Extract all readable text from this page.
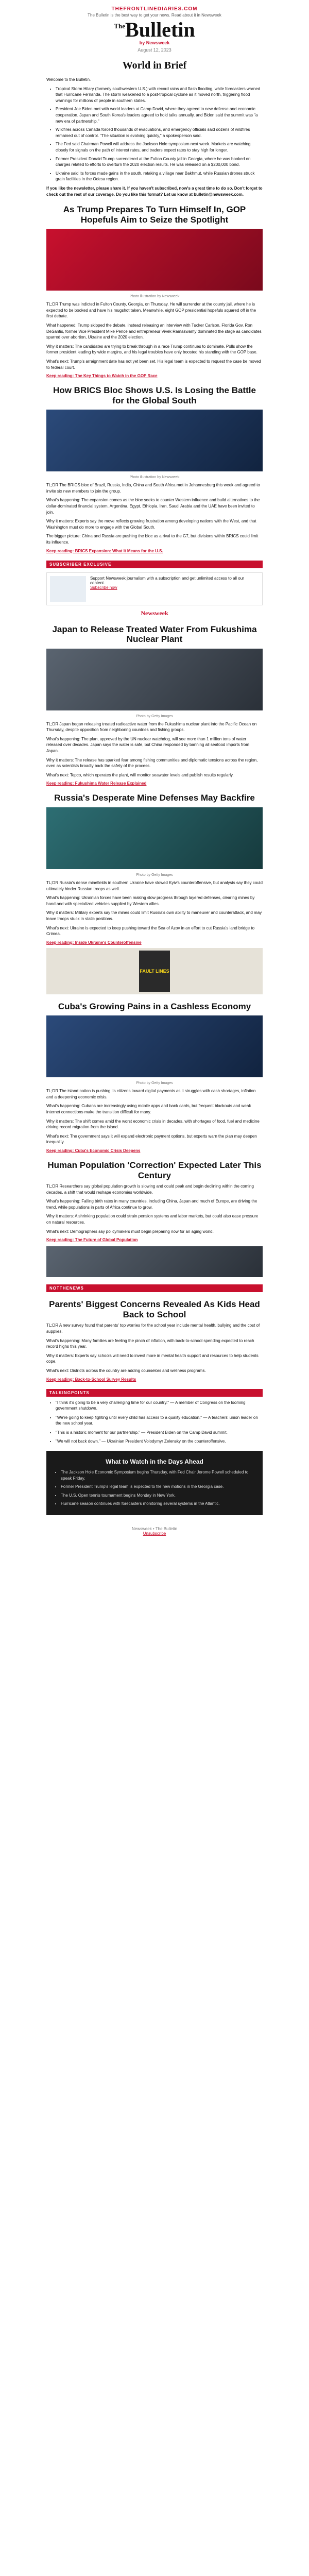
THEFRONTLINEDIARIES.COM
The Bulletin is the best way to get your news. Read about it in Newsweek
TheBulletin
by Newsweek
August 12, 2023
World in Brief

Welcome to the Bulletin.

• Tropical Storm Hilary (formerly southwestern U.S.) with record rains and flash flooding, while forecasters warned that Hurricane Fernanda. The storm weakened to a post-tropical cyclone as it moved north, triggering flood warnings for millions of people in southern states.
• President Joe Biden met with world leaders at Camp David, where they agreed to new defense and economic cooperation. Japan and South Korea's leaders agreed to hold talks annually, and Biden said the summit was "a new era of partnership."
• Wildfires across Canada forced thousands of evacuations, and emergency officials said dozens of wildfires remained out of control. "The situation is evolving quickly," a spokesperson said.
• The Fed said Chairman Powell will address the Jackson Hole symposium next week. Markets are watching closely for signals on the path of interest rates, and traders expect rates to stay high for longer.
• Former President Donald Trump surrendered at the Fulton County jail in Georgia, where he was booked on charges related to efforts to overturn the 2020 election results. He was released on a $200,000 bond.
• Ukraine said its forces made gains in the south, retaking a village near Bakhmut, while Russian drones struck grain facilities in the Odesa region.

If you like the newsletter, please share it. If you haven't subscribed, now's a great time to do so. Don't forget to check out the rest of our coverage. Do you like this format? Let us know at bulletin@newsweek.com.

As Trump Prepares To Turn Himself In, GOP Hopefuls Aim to Seize the Spotlight
Photo illustration by Newsweek

TL;DR Trump was indicted in Fulton County, Georgia, on Thursday. He will surrender at the county jail, where he is expected to be booked and have his mugshot taken. Meanwhile, eight GOP presidential hopefuls squared off in the first debate.

What happened: Trump skipped the debate, instead releasing an interview with Tucker Carlson. Florida Gov. Ron DeSantis, former Vice President Mike Pence and entrepreneur Vivek Ramaswamy dominated the stage as candidates sparred over abortion, Ukraine and the 2020 election.

Why it matters: The candidates are trying to break through in a race Trump continues to dominate. Polls show the former president leading by wide margins, and his legal troubles have only boosted his standing with the GOP base.

What's next: Trump's arraignment date has not yet been set. His legal team is expected to request the case be moved to federal court.

Keep reading: The Key Things to Watch in the GOP Race
How BRICS Bloc Shows U.S. Is Losing the Battle for the Global South
Photo illustration by Newsweek

TL;DR The BRICS bloc of Brazil, Russia, India, China and South Africa met in Johannesburg this week and agreed to invite six new members to join the group.

What's happening: The expansion comes as the bloc seeks to counter Western influence and build alternatives to the dollar-dominated financial system. Argentina, Egypt, Ethiopia, Iran, Saudi Arabia and the UAE have been invited to join.

Why it matters: Experts say the move reflects growing frustration among developing nations with the West, and that Washington must do more to engage with the Global South.

The bigger picture: China and Russia are pushing the bloc as a rival to the G7, but divisions within BRICS could limit its influence.

Keep reading: BRICS Expansion: What It Means for the U.S.
SUBSCRIBER EXCLUSIVE
Support Newsweek journalism with a subscription and get unlimited access to all our content.
Subscribe now
Newsweek
Japan to Release Treated Water From Fukushima Nuclear Plant
Photo by Getty Images

TL;DR Japan began releasing treated radioactive water from the Fukushima nuclear plant into the Pacific Ocean on Thursday, despite opposition from neighboring countries and fishing groups.

What's happening: The plan, approved by the UN nuclear watchdog, will see more than 1 million tons of water released over decades. Japan says the water is safe, but China responded by banning all seafood imports from Japan.

Why it matters: The release has sparked fear among fishing communities and diplomatic tensions across the region, even as scientists broadly back the safety of the process.

What's next: Tepco, which operates the plant, will monitor seawater levels and publish results regularly.

Keep reading: Fukushima Water Release Explained
Russia's Desperate Mine Defenses May Backfire
Photo by Getty Images

TL;DR Russia's dense minefields in southern Ukraine have slowed Kyiv's counteroffensive, but analysts say they could ultimately hinder Russian troops as well.

What's happening: Ukrainian forces have been making slow progress through layered defenses, clearing mines by hand and with specialized vehicles supplied by Western allies.

Why it matters: Military experts say the mines could limit Russia's own ability to maneuver and counterattack, and may leave troops stuck in static positions.

What's next: Ukraine is expected to keep pushing toward the Sea of Azov in an effort to cut Russia's land bridge to Crimea.

Keep reading: Inside Ukraine's Counteroffensive
FAULT LINES
Cuba's Growing Pains in a Cashless Economy
Photo by Getty Images

TL;DR The island nation is pushing its citizens toward digital payments as it struggles with cash shortages, inflation and a deepening economic crisis.

What's happening: Cubans are increasingly using mobile apps and bank cards, but frequent blackouts and weak internet connections make the transition difficult for many.

Why it matters: The shift comes amid the worst economic crisis in decades, with shortages of food, fuel and medicine driving record migration from the island.

What's next: The government says it will expand electronic payment options, but experts warn the plan may deepen inequality.

Keep reading: Cuba's Economic Crisis Deepens
Human Population 'Correction' Expected Later This Century

TL;DR Researchers say global population growth is slowing and could peak and begin declining within the coming decades, a shift that would reshape economies worldwide.

What's happening: Falling birth rates in many countries, including China, Japan and much of Europe, are driving the trend, while populations in parts of Africa continue to grow.

Why it matters: A shrinking population could strain pension systems and labor markets, but could also ease pressure on natural resources.

What's next: Demographers say policymakers must begin preparing now for an aging world.

Keep reading: The Future of Global Population
NOTTHENEWS
Parents' Biggest Concerns Revealed As Kids Head Back to School

TL;DR A new survey found that parents' top worries for the school year include mental health, bullying and the cost of supplies.

What's happening: Many families are feeling the pinch of inflation, with back-to-school spending expected to reach record highs this year.

Why it matters: Experts say schools will need to invest more in mental health support and resources to help students cope.

What's next: Districts across the country are adding counselors and wellness programs.

Keep reading: Back-to-School Survey Results
TALKINGPOINTS
• "I think it's going to be a very challenging time for our country." — A member of Congress on the looming government shutdown.
• "We're going to keep fighting until every child has access to a quality education." — A teachers' union leader on the new school year.
• "This is a historic moment for our partnership." — President Biden on the Camp David summit.
• "We will not back down." — Ukrainian President Volodymyr Zelensky on the counteroffensive.
What to Watch in the Days Ahead
• The Jackson Hole Economic Symposium begins Thursday, with Fed Chair Jerome Powell scheduled to speak Friday.
• Former President Trump's legal team is expected to file new motions in the Georgia case.
• The U.S. Open tennis tournament begins Monday in New York.
• Hurricane season continues with forecasters monitoring several systems in the Atlantic.
Newsweek • The Bulletin
Unsubscribe
